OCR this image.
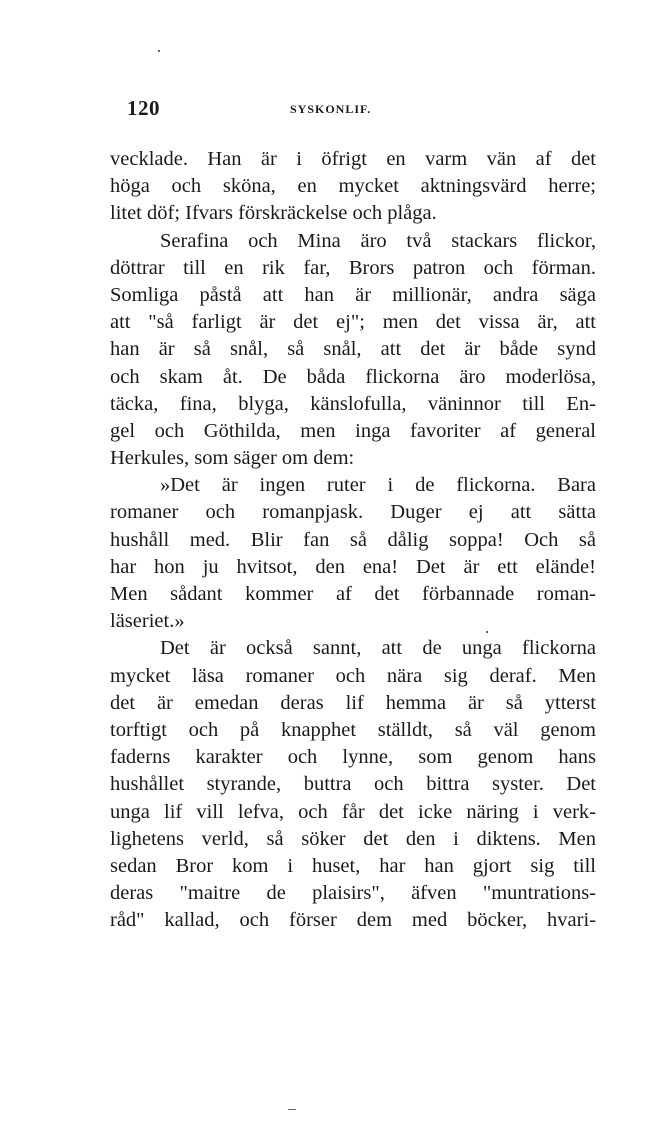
120	SYSKONLIF.
vecklade. Han är i öfrigt en varm vän af det
höga och sköna, en mycket aktningsvärd herre;
litet döf; Ifvars förskräckelse och plåga.
Serafina och Mina äro två stackars flickor,
döttrar till en rik far, Brors patron och förman.
Somliga påstå att han är millionär, andra säga
att "så farligt är det ej"; men det vissa är, att
han är så snål, så snål, att det är både synd
och skam åt. De båda flickorna äro moderlösa,
täcka, fina, blyga, känslofulla, väninnor till En-
gel och Göthilda, men inga favoriter af general
Herkules, som säger om dem:
»Det är ingen ruter i de flickorna. Bara
romaner och romanpjask. Duger ej att sätta
hushåll med. Blir fan så dålig soppa! Och så
har hon ju hvitsot, den ena! Det är ett elände!
Men sådant kommer af det förbannade roman-
läseriet.»
Det är också sannt, att de unga flickorna
mycket läsa romaner och nära sig deraf. Men
det är emedan deras lif hemma är så ytterst
torftigt och på knapphet ställdt, så väl genom
faderns karakter och lynne, som genom hans
hushållet styrande, buttra och bittra syster. Det
unga lif vill lefva, och får det icke näring i verk-
lighetens verld, så söker det den i diktens. Men
sedan Bror kom i huset, har han gjort sig till
deras "maitre de plaisirs", äfven "muntrations-
råd" kallad, och förser dem med böcker, hvari-
